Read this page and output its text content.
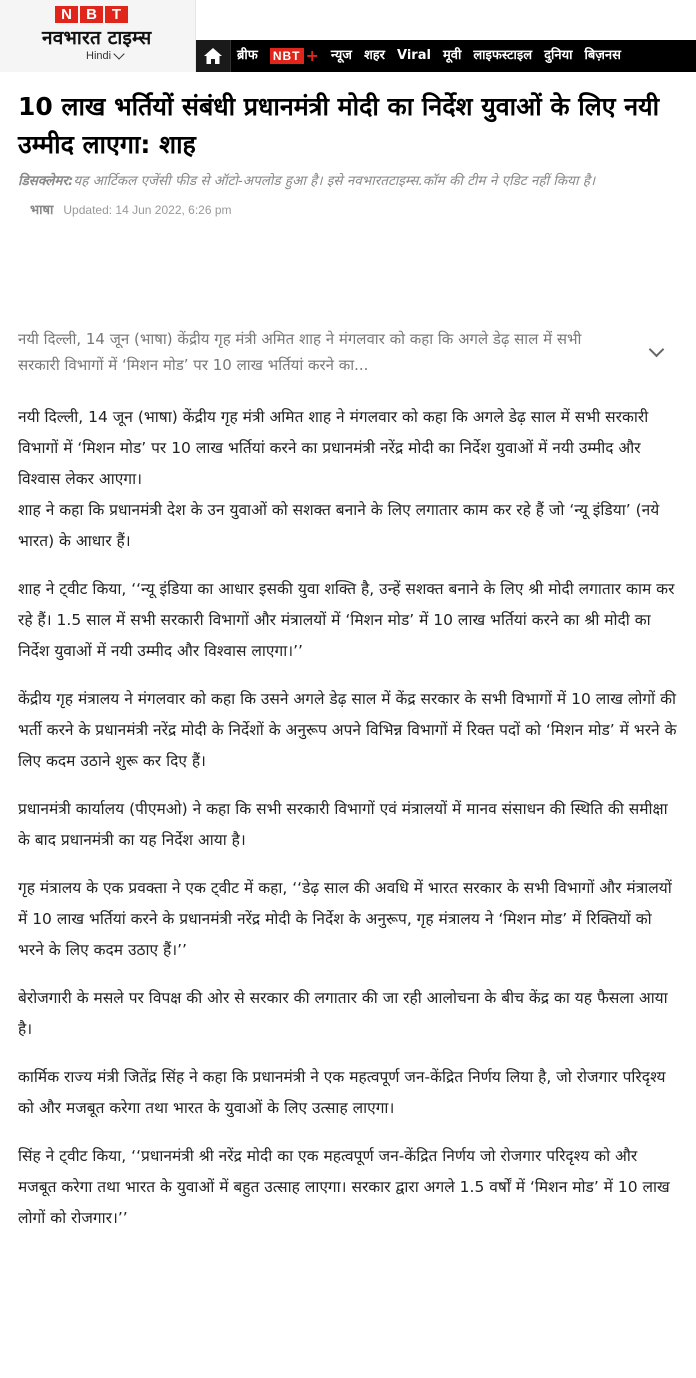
N B T
नवभारत टाइम्स
Hindi	ब्रीफ	NBT + न्यूज शहर Viral मूवी लाइफस्टाइल दुनिया बिज़नस
10 लाख भर्तियों संबंधी प्रधानमंत्री मोदी का निर्देश युवाओं के लिए नयी उम्मीद लाएगा: शाह
डिसक्लेमर:यह आर्टिकल एजेंसी फीड से ऑटो-अपलोड हुआ है। इसे नवभारतटाइम्स.कॉम की टीम ने एडिट नहीं किया है।
भाषा Updated: 14 Jun 2022, 6:26 pm
नयी दिल्ली, 14 जून (भाषा) केंद्रीय गृह मंत्री अमित शाह ने मंगलवार को कहा कि अगले डेढ़ साल में सभी सरकारी विभागों में ‘मिशन मोड’ पर 10 लाख भर्तियां करने का...

नयी दिल्ली, 14 जून (भाषा) केंद्रीय गृह मंत्री अमित शाह ने मंगलवार को कहा कि अगले डेढ़ साल में सभी सरकारी विभागों में ‘मिशन मोड’ पर 10 लाख भर्तियां करने का प्रधानमंत्री नरेंद्र मोदी का निर्देश युवाओं में नयी उम्मीद और विश्वास लेकर आएगा।
शाह ने कहा कि प्रधानमंत्री देश के उन युवाओं को सशक्त बनाने के लिए लगातार काम कर रहे हैं जो ‘न्यू इंडिया’ (नये भारत) के आधार हैं।

शाह ने ट्वीट किया, ‘‘न्यू इंडिया का आधार इसकी युवा शक्ति है, उन्हें सशक्त बनाने के लिए श्री मोदी लगातार काम कर रहे हैं। 1.5 साल में सभी सरकारी विभागों और मंत्रालयों में ‘मिशन मोड’ में 10 लाख भर्तियां करने का श्री मोदी का निर्देश युवाओं में नयी उम्मीद और विश्वास लाएगा।’’

केंद्रीय गृह मंत्रालय ने मंगलवार को कहा कि उसने अगले डेढ़ साल में केंद्र सरकार के सभी विभागों में 10 लाख लोगों की भर्ती करने के प्रधानमंत्री नरेंद्र मोदी के निर्देशों के अनुरूप अपने विभिन्न विभागों में रिक्त पदों को ‘मिशन मोड’ में भरने के लिए कदम उठाने शुरू कर दिए हैं।

प्रधानमंत्री कार्यालय (पीएमओ) ने कहा कि सभी सरकारी विभागों एवं मंत्रालयों में मानव संसाधन की स्थिति की समीक्षा के बाद प्रधानमंत्री का यह निर्देश आया है।

गृह मंत्रालय के एक प्रवक्ता ने एक ट्वीट में कहा, ‘‘डेढ़ साल की अवधि में भारत सरकार के सभी विभागों और मंत्रालयों में 10 लाख भर्तियां करने के प्रधानमंत्री नरेंद्र मोदी के निर्देश के अनुरूप, गृह मंत्रालय ने ‘मिशन मोड’ में रिक्तियों को भरने के लिए कदम उठाए हैं।’’

बेरोजगारी के मसले पर विपक्ष की ओर से सरकार की लगातार की जा रही आलोचना के बीच केंद्र का यह फैसला आया है।

कार्मिक राज्य मंत्री जितेंद्र सिंह ने कहा कि प्रधानमंत्री ने एक महत्वपूर्ण जन-केंद्रित निर्णय लिया है, जो रोजगार परिदृश्य को और मजबूत करेगा तथा भारत के युवाओं के लिए उत्साह लाएगा।

सिंह ने ट्वीट किया, ‘‘प्रधानमंत्री श्री नरेंद्र मोदी का एक महत्वपूर्ण जन-केंद्रित निर्णय जो रोजगार परिदृश्य को और मजबूत करेगा तथा भारत के युवाओं में बहुत उत्साह लाएगा। सरकार द्वारा अगले 1.5 वर्षों में ‘मिशन मोड’ में 10 लाख लोगों को रोजगार।’’
